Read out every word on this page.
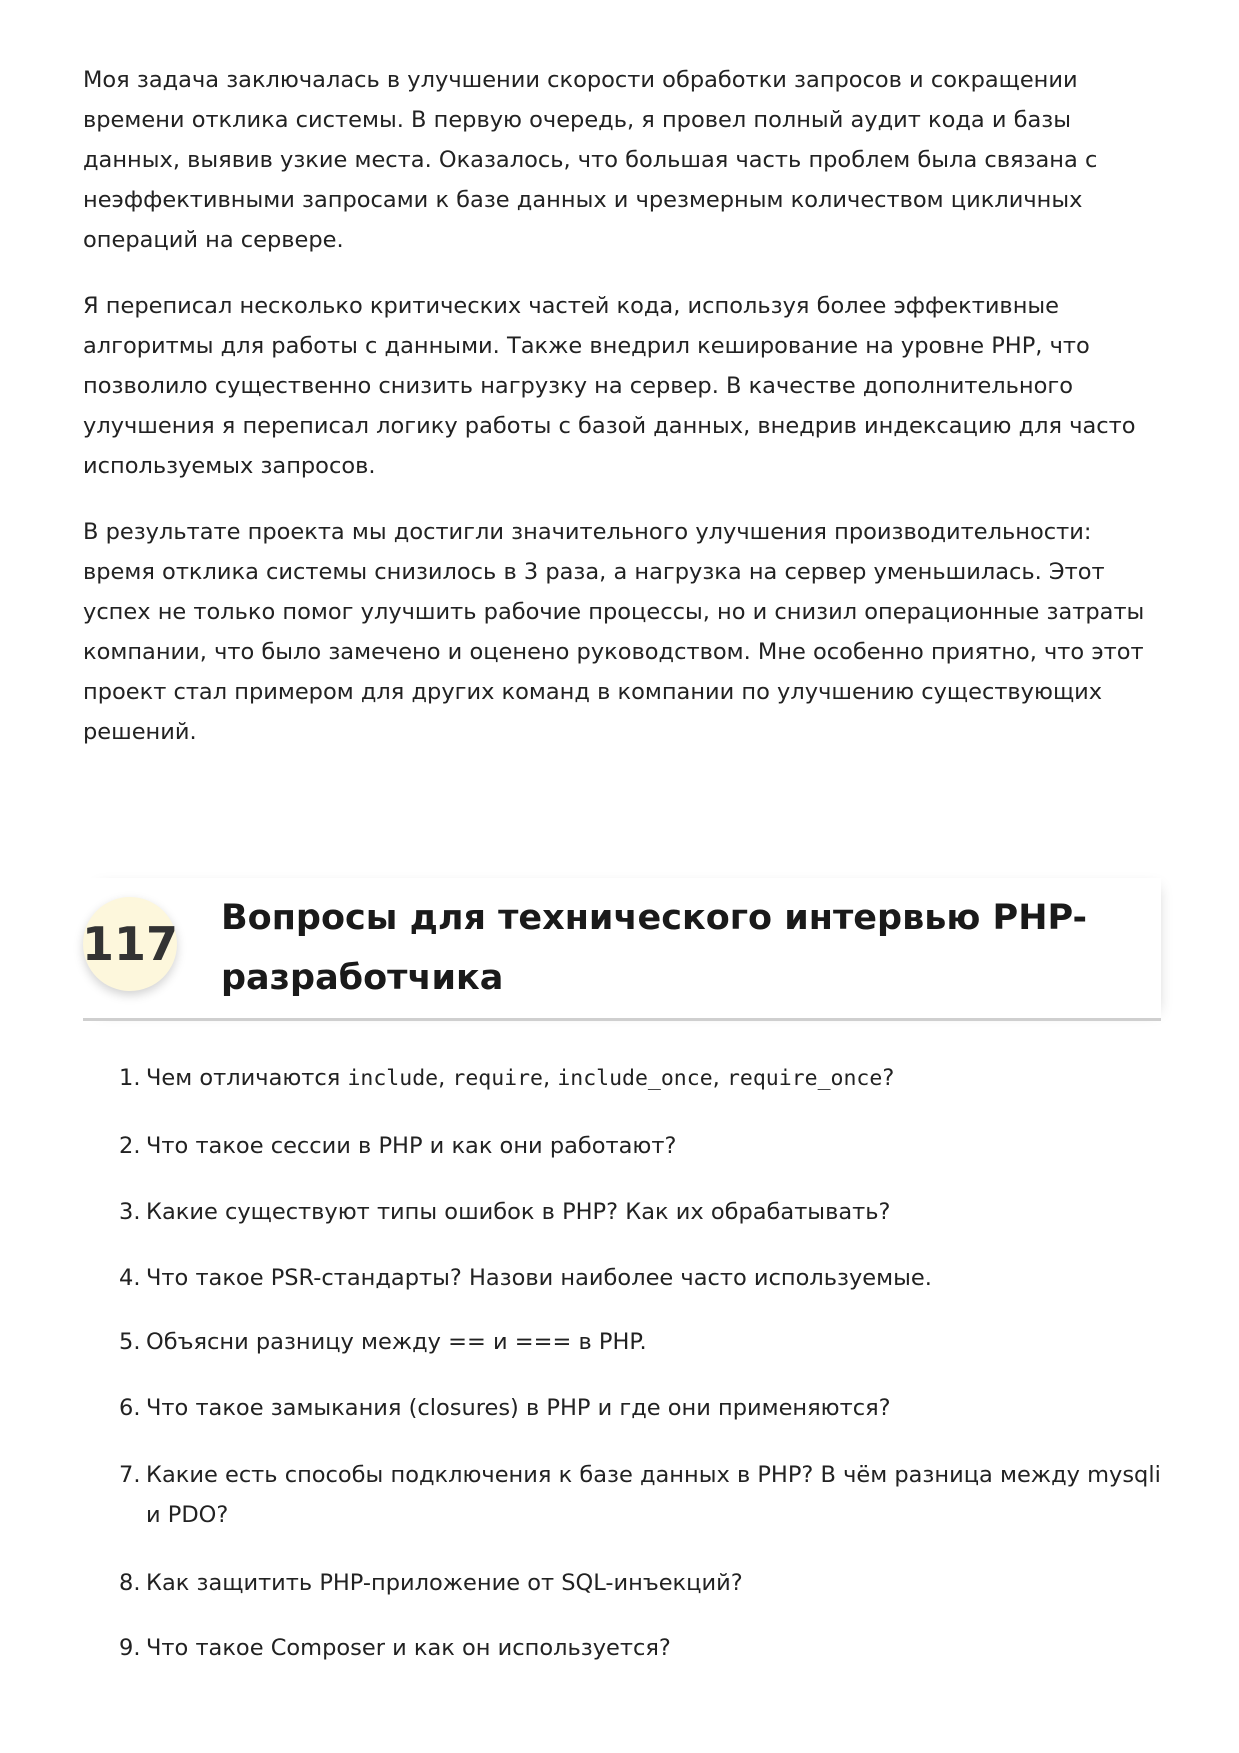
Моя задача заключалась в улучшении скорости обработки запросов и сокращении времени отклика системы. В первую очередь, я провел полный аудит кода и базы данных, выявив узкие места. Оказалось, что большая часть проблем была связана с неэффективными запросами к базе данных и чрезмерным количеством цикличных операций на сервере.

Я переписал несколько критических частей кода, используя более эффективные алгоритмы для работы с данными. Также внедрил кеширование на уровне PHP, что позволило существенно снизить нагрузку на сервер. В качестве дополнительного улучшения я переписал логику работы с базой данных, внедрив индексацию для часто используемых запросов.

В результате проекта мы достигли значительного улучшения производительности: время отклика системы снизилось в 3 раза, а нагрузка на сервер уменьшилась. Этот успех не только помог улучшить рабочие процессы, но и снизил операционные затраты компании, что было замечено и оценено руководством. Мне особенно приятно, что этот проект стал примером для других команд в компании по улучшению существующих решений.

117 Вопросы для технического интервью PHP-разработчика
1. Чем отличаются include, require, include_once, require_once?
2. Что такое сессии в PHP и как они работают?
3. Какие существуют типы ошибок в PHP? Как их обрабатывать?
4. Что такое PSR-стандарты? Назови наиболее часто используемые.
5. Объясни разницу между == и === в PHP.
6. Что такое замыкания (closures) в PHP и где они применяются?
7. Какие есть способы подключения к базе данных в PHP? В чём разница между mysqli и PDO?
8. Как защитить PHP-приложение от SQL-инъекций?
9. Что такое Composer и как он используется?
